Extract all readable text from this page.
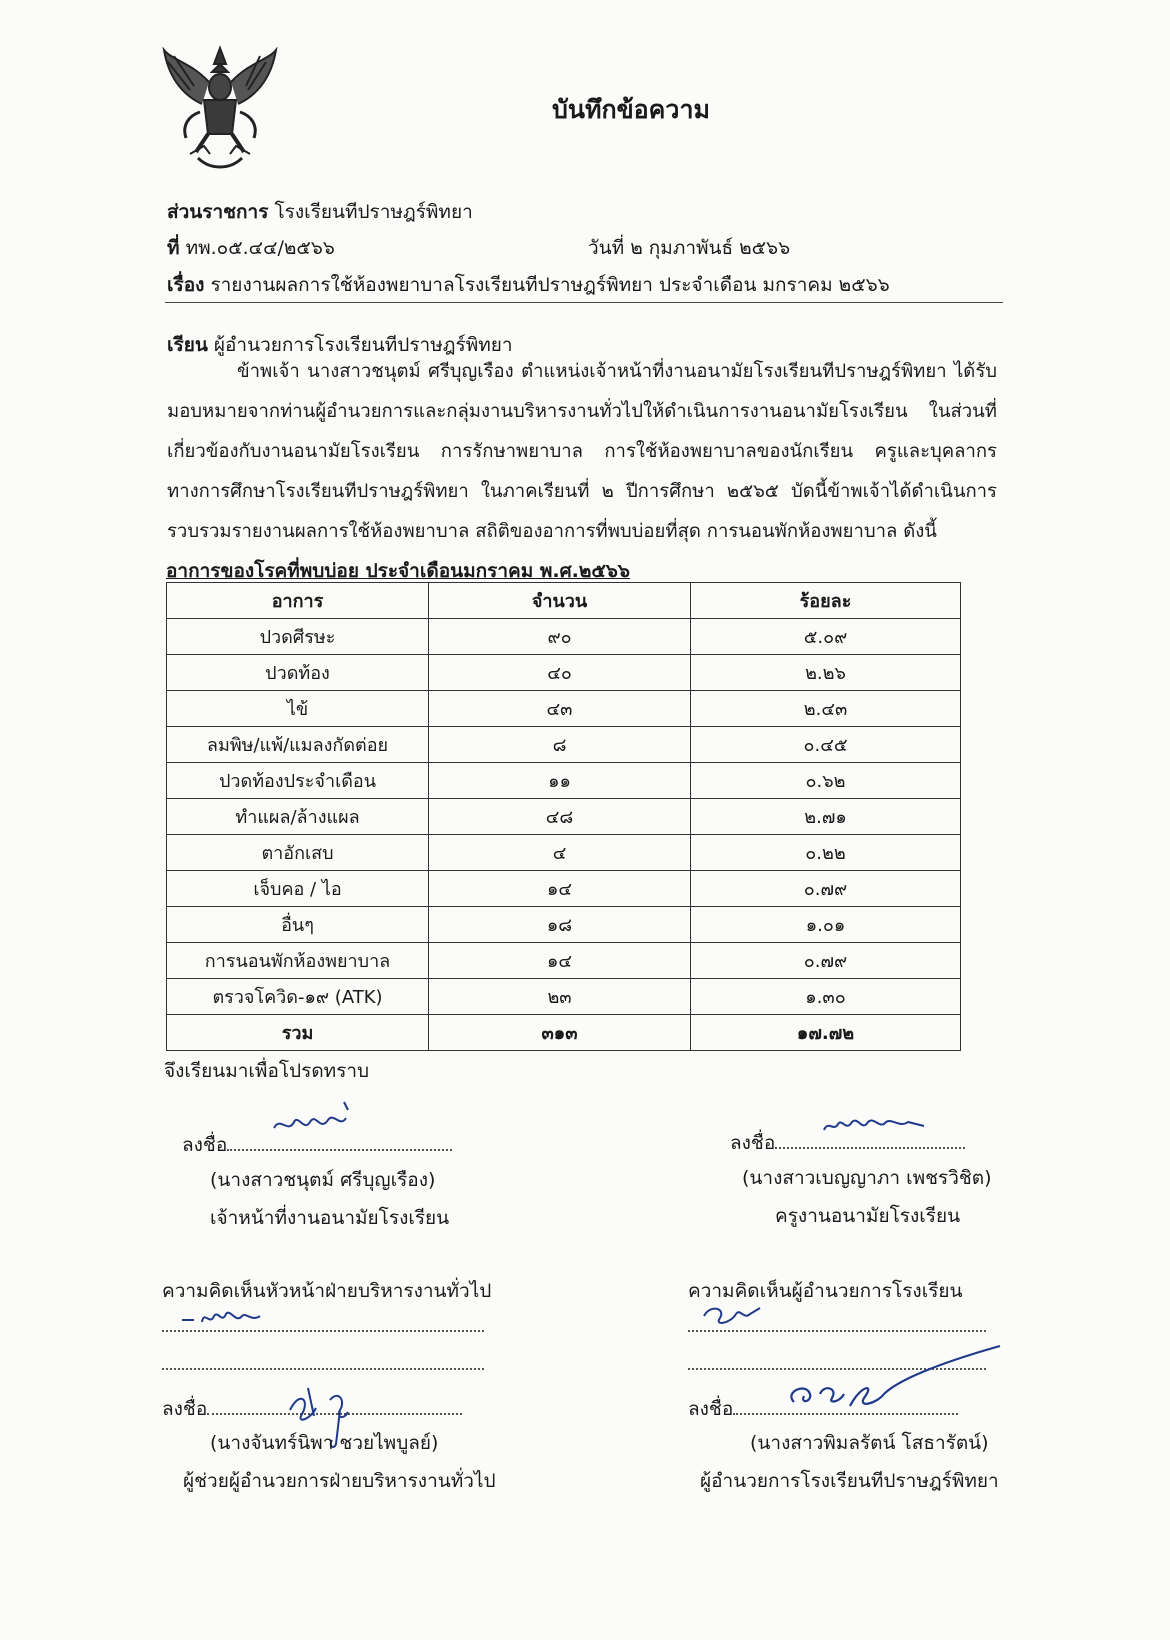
บันทึกข้อความ
ส่วนราชการ โรงเรียนทีปราษฎร์พิทยา
ที่ ทพ.๐๕.๔๔/๒๕๖๖	วันที่ ๒ กุมภาพันธ์ ๒๕๖๖
เรื่อง รายงานผลการใช้ห้องพยาบาลโรงเรียนทีปราษฎร์พิทยา ประจำเดือน มกราคม ๒๕๖๖
เรียน ผู้อำนวยการโรงเรียนทีปราษฎร์พิทยา
ข้าพเจ้า นางสาวชนุตม์ ศรีบุญเรือง ตำแหน่งเจ้าหน้าที่งานอนามัยโรงเรียนทีปราษฎร์พิทยา ได้รับมอบหมายจากท่านผู้อำนวยการและกลุ่มงานบริหารงานทั่วไปให้ดำเนินการงานอนามัยโรงเรียน ในส่วนที่เกี่ยวข้องกับงานอนามัยโรงเรียน การรักษาพยาบาล การใช้ห้องพยาบาลของนักเรียน ครูและบุคลากรทางการศึกษาโรงเรียนทีปราษฎร์พิทยา ในภาคเรียนที่ ๒ ปีการศึกษา ๒๕๖๕ บัดนี้ข้าพเจ้าได้ดำเนินการรวบรวมรายงานผลการใช้ห้องพยาบาล สถิติของอาการที่พบบ่อยที่สุด การนอนพักห้องพยาบาล ดังนี้
อาการของโรคที่พบบ่อย ประจำเดือนมกราคม พ.ศ.๒๕๖๖
อาการ	จำนวน	ร้อยละ
ปวดศีรษะ	๙๐	๕.๐๙
ปวดท้อง	๔๐	๒.๒๖
ไข้	๔๓	๒.๔๓
ลมพิษ/แพ้/แมลงกัดต่อย	๘	๐.๔๕
ปวดท้องประจำเดือน	๑๑	๐.๖๒
ทำแผล/ล้างแผล	๔๘	๒.๗๑
ตาอักเสบ	๔	๐.๒๒
เจ็บคอ / ไอ	๑๔	๐.๗๙
อื่นๆ	๑๘	๑.๐๑
การนอนพักห้องพยาบาล	๑๔	๐.๗๙
ตรวจโควิด-๑๙ (ATK)	๒๓	๑.๓๐
รวม	๓๑๓	๑๗.๗๒
จึงเรียนมาเพื่อโปรดทราบ
ลงชื่อ
(นางสาวชนุตม์ ศรีบุญเรือง)
เจ้าหน้าที่งานอนามัยโรงเรียน
ลงชื่อ
(นางสาวเบญญาภา เพชรวิชิต)
ครูงานอนามัยโรงเรียน
ความคิดเห็นหัวหน้าฝ่ายบริหารงานทั่วไป
ลงชื่อ
(นางจันทร์นิพา ชวยไพบูลย์)
ผู้ช่วยผู้อำนวยการฝ่ายบริหารงานทั่วไป
ความคิดเห็นผู้อำนวยการโรงเรียน
ลงชื่อ
(นางสาวพิมลรัตน์ โสธารัตน์)
ผู้อำนวยการโรงเรียนทีปราษฎร์พิทยา
